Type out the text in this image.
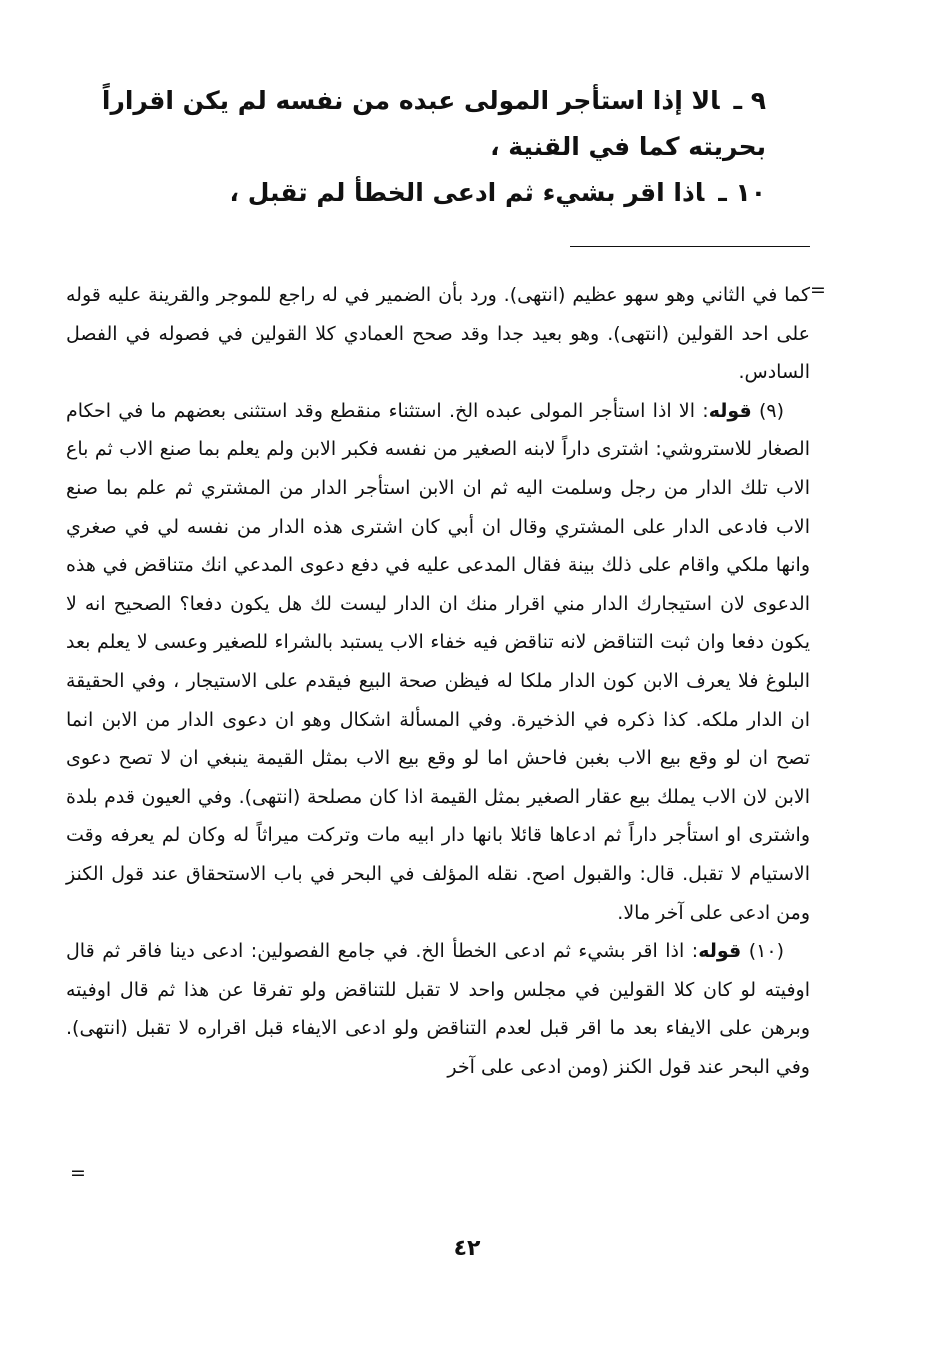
٩ ـالا إذا استأجر المولى عبده من نفسه لم يكن اقراراً بحريته كما في القنية ،

١٠ ـاذا اقر بشيء ثم ادعى الخطأ لم تقبل ،

=

كما في الثاني وهو سهو عظيم (انتهى). ورد بأن الضمير في له راجع للموجر والقرينة عليه قوله على احد القولين (انتهى). وهو بعيد جدا وقد صحح العمادي كلا القولين في فصوله في الفصل السادس.

(٩) قوله: الا اذا استأجر المولى عبده الخ. استثناء منقطع وقد استثنى بعضهم ما في احكام الصغار للاستروشي: اشترى داراً لابنه الصغير من نفسه فكبر الابن ولم يعلم بما صنع الاب ثم باع الاب تلك الدار من رجل وسلمت اليه ثم ان الابن استأجر الدار من المشتري ثم علم بما صنع الاب فادعى الدار على المشتري وقال ان أبي كان اشترى هذه الدار من نفسه لي في صغري وانها ملكي واقام على ذلك بينة فقال المدعى عليه في دفع دعوى المدعي انك متناقض في هذه الدعوى لان استيجارك الدار مني اقرار منك ان الدار ليست لك هل يكون دفعا؟ الصحيح انه لا يكون دفعا وان ثبت التناقض لانه تناقض فيه خفاء الاب يستبد بالشراء للصغير وعسى لا يعلم بعد البلوغ فلا يعرف الابن كون الدار ملكا له فيظن صحة البيع فيقدم على الاستيجار ، وفي الحقيقة ان الدار ملكه. كذا ذكره في الذخيرة. وفي المسألة اشكال وهو ان دعوى الدار من الابن انما تصح ان لو وقع بيع الاب بغبن فاحش اما لو وقع بيع الاب بمثل القيمة ينبغي ان لا تصح دعوى الابن لان الاب يملك بيع عقار الصغير بمثل القيمة اذا كان مصلحة (انتهى). وفي العيون قدم بلدة واشترى او استأجر داراً ثم ادعاها قائلا بانها دار ابيه مات وتركت ميراثاً له وكان لم يعرفه وقت الاستيام لا تقبل. قال: والقبول اصح. نقله المؤلف في البحر في باب الاستحقاق عند قول الكنز ومن ادعى على آخر مالا.

(١٠) قوله: اذا اقر بشيء ثم ادعى الخطأ الخ. في جامع الفصولين: ادعى دينا فاقر ثم قال اوفيته لو كان كلا القولين في مجلس واحد لا تقبل للتناقض ولو تفرقا عن هذا ثم قال اوفيته وبرهن على الايفاء بعد ما اقر قبل لعدم التناقض ولو ادعى الايفاء قبل اقراره لا تقبل (انتهى). وفي البحر عند قول الكنز (ومن ادعى على آخر

=
٤٢
